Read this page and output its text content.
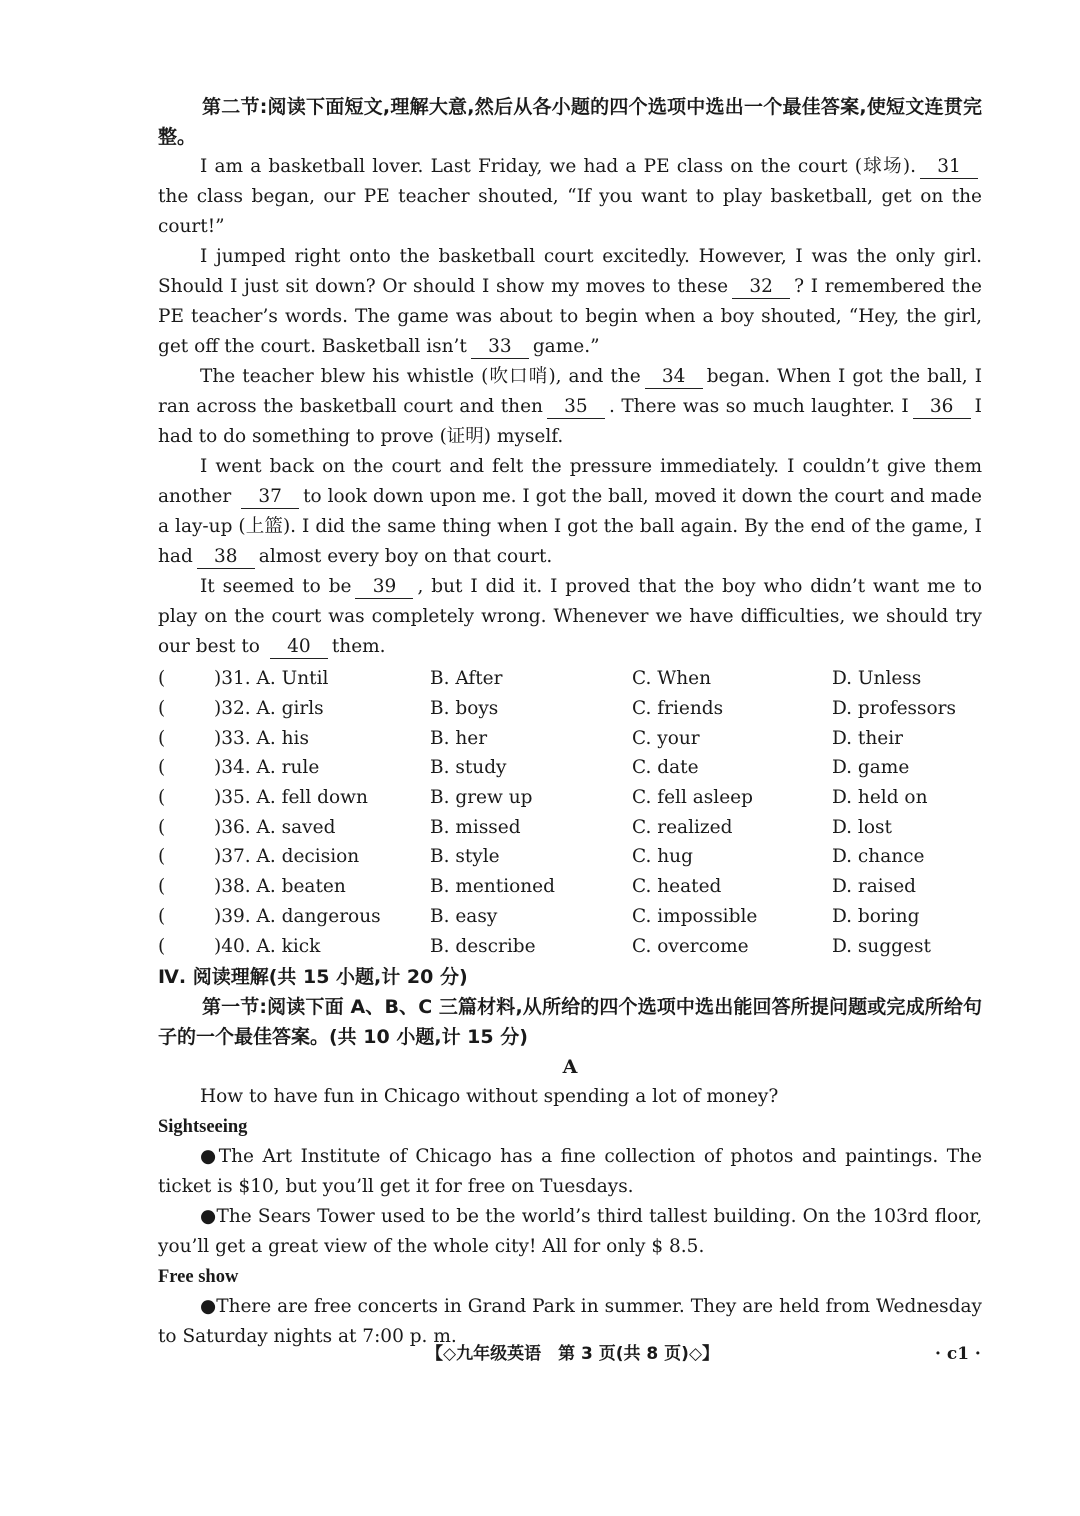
第二节:阅读下面短文,理解大意,然后从各小题的四个选项中选出一个最佳答案,使短文连贯完整。

I am a basketball lover. Last Friday, we had a PE class on the court (球场). 31the class began, our PE teacher shouted, “If you want to play basketball, get on the court!”

I jumped right onto the basketball court excitedly. However, I was the only girl. Should I just sit down? Or should I show my moves to these 32 ? I remembered the PE teacher’s words. The game was about to begin when a boy shouted, “Hey, the girl, get off the court. Basketball isn’t 33 game.”

The teacher blew his whistle (吹口哨), and the 34 began. When I got the ball, I ran across the basketball court and then 35 . There was so much laughter. I 36 I had to do something to prove (证明) myself.

I went back on the court and felt the pressure immediately. I couldn’t give them another 37 to look down upon me. I got the ball, moved it down the court and made a lay-up (上篮). I did the same thing when I got the ball again. By the end of the game, I had 38 almost every boy on that court.

It seemed to be 39 , but I did it. I proved that the boy who didn’t want me to play on the court was completely wrong. Whenever we have difficulties, we should try our best to 40 them.

(	)31. A. Until	B. After	C. When	D. Unless
(	)32. A. girls	B. boys	C. friends	D. professors
(	)33. A. his	B. her	C. your	D. their
(	)34. A. rule	B. study	C. date	D. game
(	)35. A. fell down	B. grew up	C. fell asleep	D. held on
(	)36. A. saved	B. missed	C. realized	D. lost
(	)37. A. decision	B. style	C. hug	D. chance
(	)38. A. beaten	B. mentioned	C. heated	D. raised
(	)39. A. dangerous	B. easy	C. impossible	D. boring
(	)40. A. kick	B. describe	C. overcome	D. suggest

Ⅳ. 阅读理解(共 15 小题,计 20 分)

第一节:阅读下面 A、B、C 三篇材料,从所给的四个选项中选出能回答所提问题或完成所给句子的一个最佳答案。(共 10 小题,计 15 分)

A

How to have fun in Chicago without spending a lot of money?

Sightseeing

●The Art Institute of Chicago has a fine collection of photos and paintings. The ticket is $10, but you’ll get it for free on Tuesdays.

●The Sears Tower used to be the world’s third tallest building. On the 103rd floor, you’ll get a great view of the whole city! All for only $ 8.5.

Free show

●There are free concerts in Grand Park in summer. They are held from Wednesday to Saturday nights at 7:00 p. m.

【◇九年级英语　第 3 页(共 8 页)◇】	· c1 ·
